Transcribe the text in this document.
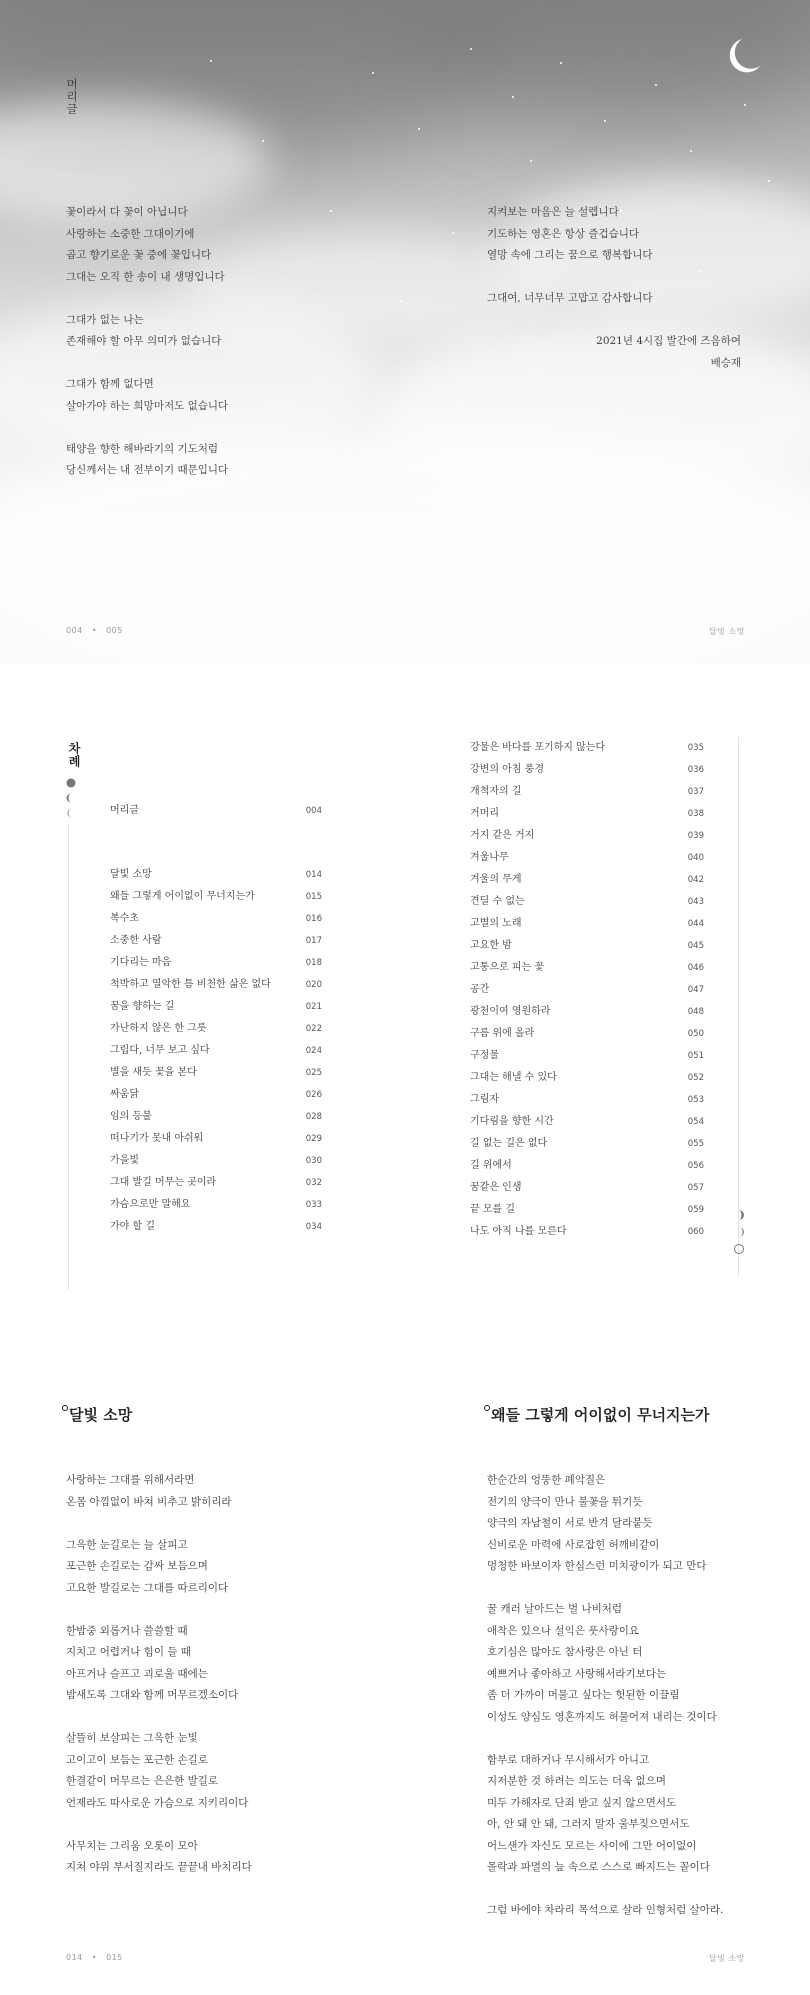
머리글
꽃이라서 다 꽃이 아닙니다
사랑하는 소중한 그대이기에
곱고 향기로운 꽃 중에 꽃입니다
그대는 오직 한 송이 내 생명입니다
그대가 없는 나는
존재해야 할 아무 의미가 없습니다
그대가 함께 없다면
살아가야 하는 희망마저도 없습니다
태양을 향한 해바라기의 기도처럼
당신께서는 내 전부이기 때문입니다
지켜보는 마음은 늘 설렙니다
기도하는 영혼은 항상 즐겁습니다
열망 속에 그리는 꿈으로 행복합니다
그대여, 너무너무 고맙고 감사합니다
2021년 4시집 발간에 즈음하여
배승재
004 • 005	달빛 소망
차례
머리글	004
달빛 소망	014
왜들 그렇게 어이없이 무너지는가	015
복수초	016
소중한 사람	017
기다리는 마음	018
척박하고 열악한 틈 비천한 삶은 없다	020
꿈을 향하는 길	021
가난하지 않은 한 그릇	022
그립다, 너무 보고 싶다	024
별을 새듯 꽃을 본다	025
싸움닭	026
임의 등불	028
떠나기가 못내 아쉬워	029
가을빛	030
그대 발길 머무는 곳이라	032
가슴으로만 말해요	033
가야 할 길	034
강물은 바다를 포기하지 않는다	035
강변의 아침 풍경	036
개척자의 길	037
거머리	038
거지 같은 거지	039
겨울나무	040
겨울의 무게	042
견딜 수 없는	043
고별의 노래	044
고요한 밤	045
고통으로 피는 꽃	046
공간	047
광천이여 영원하라	048
구름 위에 올라	050
구정물	051
그대는 해낼 수 있다	052
그림자	053
기다림을 향한 시간	054
길 없는 길은 없다	055
길 위에서	056
꿈같은 인생	057
끝 모를 길	059
나도 아직 나를 모른다	060
달빛 소망	왜들 그렇게 어이없이 무너지는가
사랑하는 그대를 위해서라면
온몸 아낌없이 바쳐 비추고 밝히리라
그윽한 눈길로는 늘 살피고
포근한 손길로는 감싸 보듬으며
고요한 발길로는 그대를 따르리이다
한밤중 외롭거나 쓸쓸할 때
지치고 어렵거나 힘이 들 때
아프거나 슬프고 괴로울 때에는
밤새도록 그대와 함께 머무르겠소이다
살뜰히 보살피는 그윽한 눈빛
고이고이 보듬는 포근한 손길로
한결같이 머무르는 은은한 발길로
언제라도 따사로운 가슴으로 지키리이다
사무치는 그리움 오롯이 모아
지쳐 야위 부서질지라도 끝끝내 바치리다
한순간의 엉뚱한 폐악질은
전기의 양극이 만나 불꽃을 튀기듯
양극의 자남철이 서로 반겨 달라붙듯
신비로운 마력에 사로잡힌 허깨비같이
멍청한 바보이자 한심스런 미치광이가 되고 만다
꿀 캐러 날아드는 벌 나비처럼
애착은 있으나 설익은 풋사랑이요
호기심은 많아도 참사랑은 아닌 터
예쁘거나 좋아하고 사랑해서라기보다는
좀 더 가까이 머물고 싶다는 헛된한 이끌림
이성도 양심도 영혼까지도 허물어져 내리는 것이다
함부로 대하거나 무시해서가 아니고
지저분한 것 하려는 의도는 더욱 없으며
미두 가해자로 단죄 받고 싶지 않으면서도
아, 안 돼 안 돼, 그러지 말자 울부짖으면서도
어느샌가 자신도 모르는 사이에 그만 어이없이
몰락과 파멸의 늪 속으로 스스로 빠지드는 꼴이다
그럼 바에야 차라리 목석으로 살라 인형처럼 살아라.
014 • 015	달빛 소망
